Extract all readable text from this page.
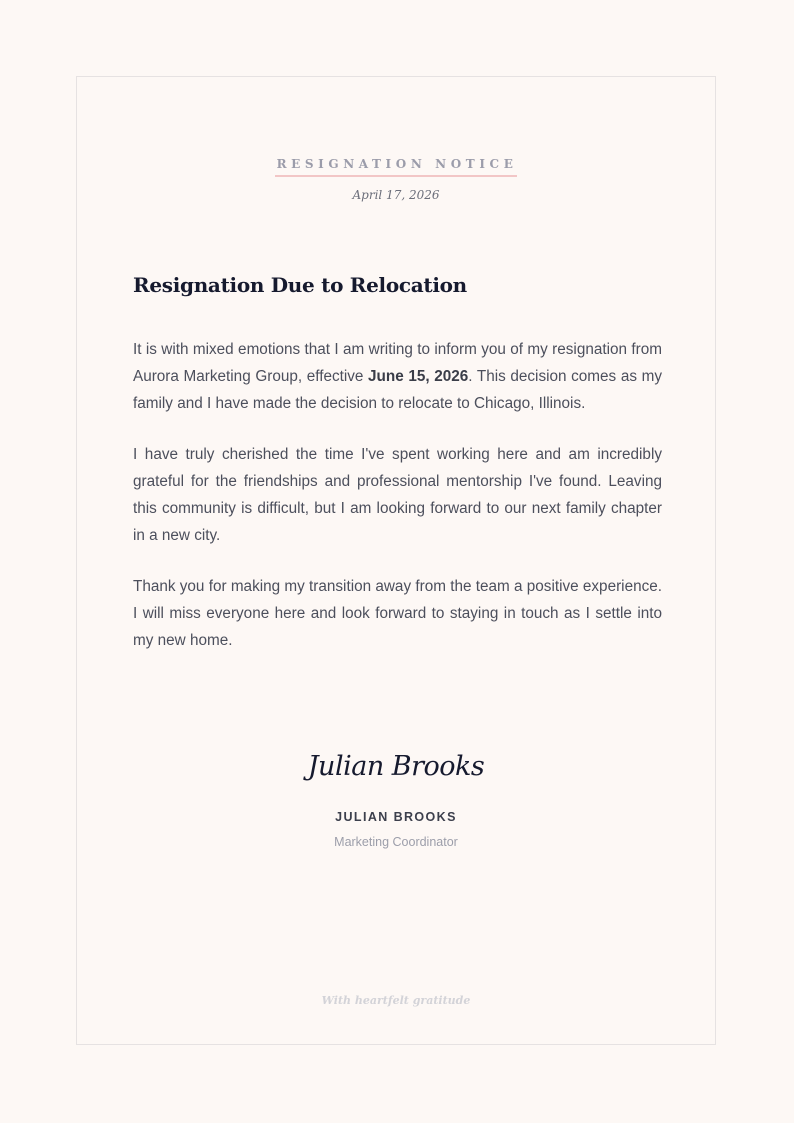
RESIGNATION NOTICE
April 17, 2026
Resignation Due to Relocation

It is with mixed emotions that I am writing to inform you of my resignation from Aurora Marketing Group, effective June 15, 2026. This decision comes as my family and I have made the decision to relocate to Chicago, Illinois.

I have truly cherished the time I've spent working here and am incredibly grateful for the friendships and professional mentorship I've found. Leaving this community is difficult, but I am looking forward to our next family chapter in a new city.

Thank you for making my transition away from the team a positive experience. I will miss everyone here and look forward to staying in touch as I settle into my new home.

Julian Brooks
JULIAN BROOKS
Marketing Coordinator
With heartfelt gratitude
